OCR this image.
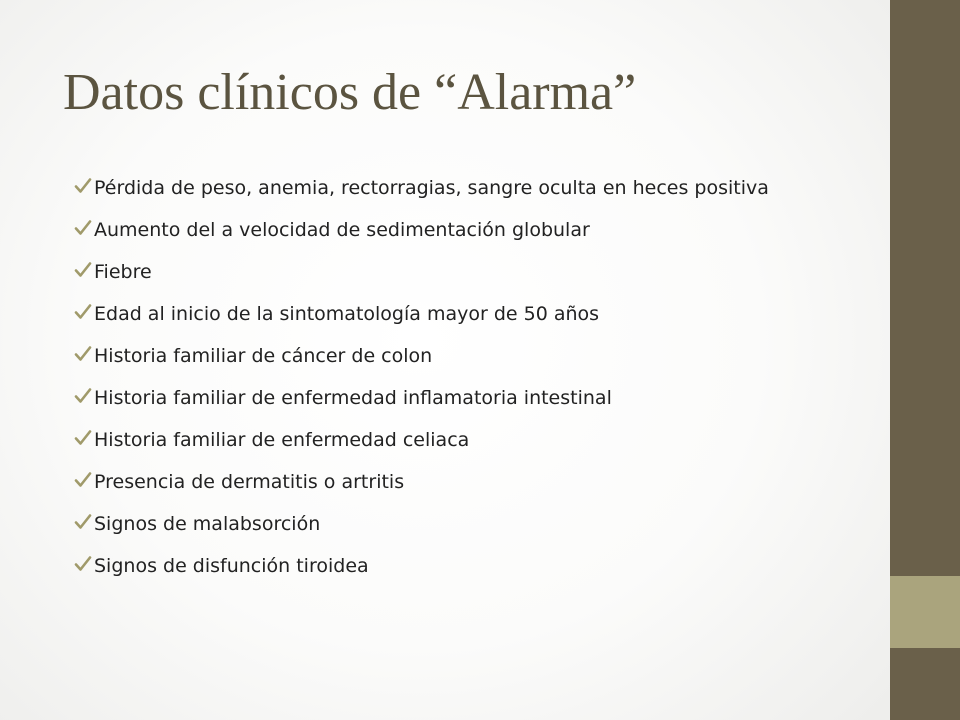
Datos clínicos de “Alarma”
Pérdida de peso, anemia, rectorragias, sangre oculta en heces positiva
Aumento del a velocidad de sedimentación globular
Fiebre
Edad al inicio de la sintomatología mayor de 50 años
Historia familiar de cáncer de colon
Historia familiar de enfermedad inflamatoria intestinal
Historia familiar de enfermedad celiaca
Presencia de dermatitis o artritis
Signos de malabsorción
Signos de disfunción tiroidea
